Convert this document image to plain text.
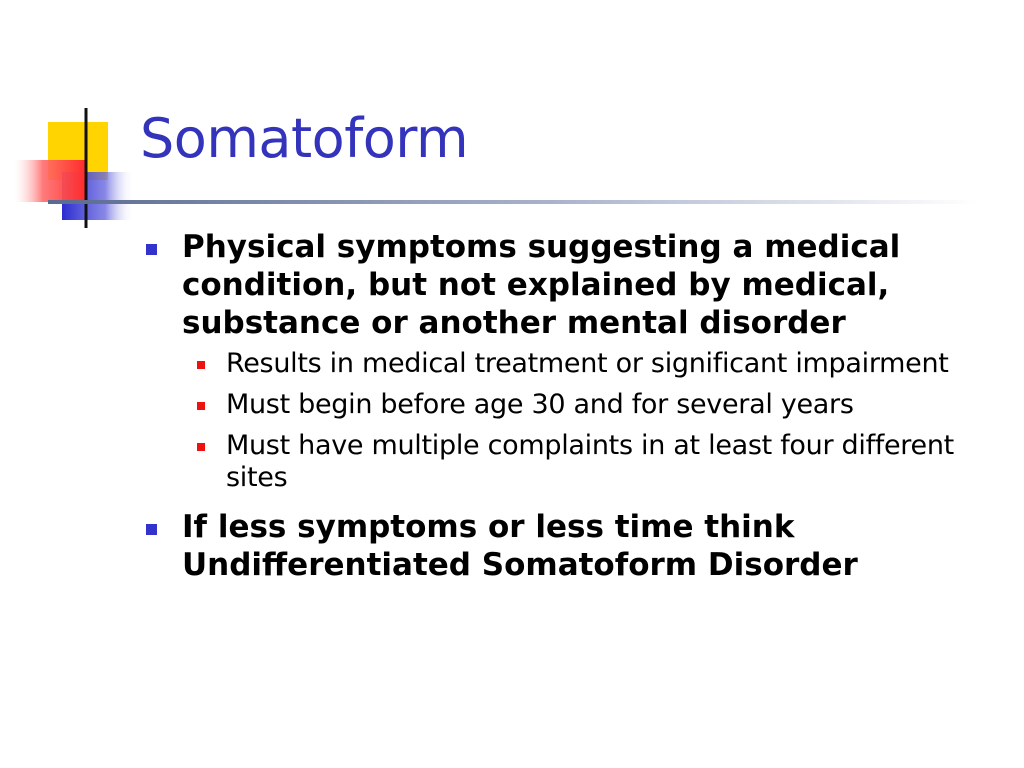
Somatoform
Physical symptoms suggesting a medical condition, but not explained by medical, substance or another mental disorder
Results in medical treatment or significant impairment
Must begin before age 30 and for several years
Must have multiple complaints in at least four different sites
If less symptoms or less time think Undifferentiated Somatoform Disorder
